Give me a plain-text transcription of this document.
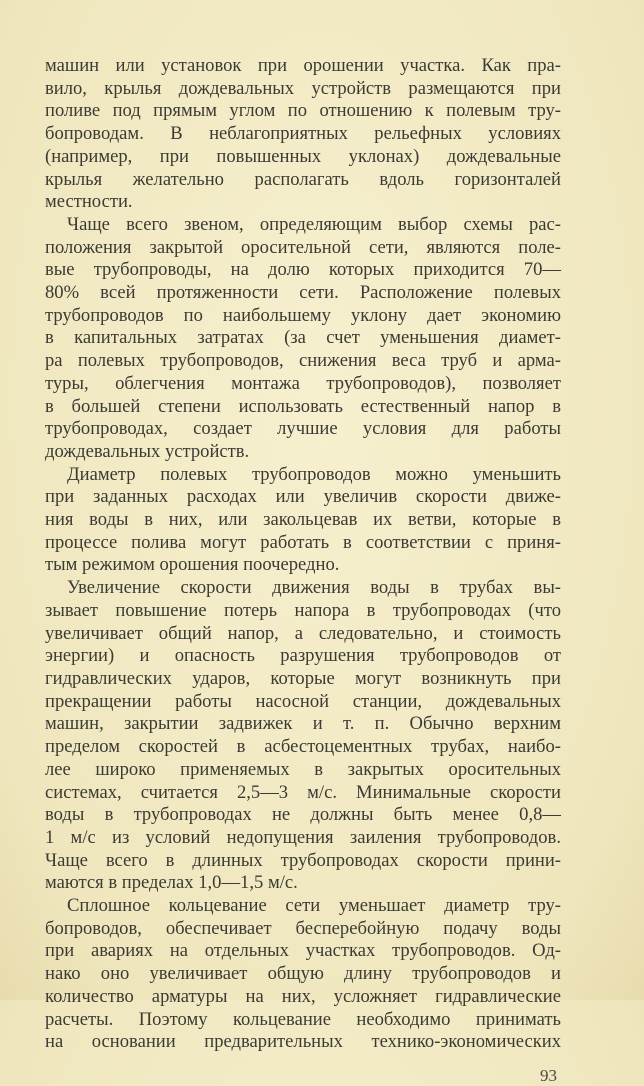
машин или установок при орошении участка. Как пра-
вило, крылья дождевальных устройств размещаются при
поливе под прямым углом по отношению к полевым тру-
бопроводам. В неблагоприятных рельефных условиях
(например, при повышенных уклонах) дождевальные
крылья желательно располагать вдоль горизонталей
местности.
Чаще всего звеном, определяющим выбор схемы рас-
положения закрытой оросительной сети, являются поле-
вые трубопроводы, на долю которых приходится 70—
80% всей протяженности сети. Расположение полевых
трубопроводов по наибольшему уклону дает экономию
в капитальных затратах (за счет уменьшения диамет-
ра полевых трубопроводов, снижения веса труб и арма-
туры, облегчения монтажа трубопроводов), позволяет
в большей степени использовать естественный напор в
трубопроводах, создает лучшие условия для работы
дождевальных устройств.
Диаметр полевых трубопроводов можно уменьшить
при заданных расходах или увеличив скорости движе-
ния воды в них, или закольцевав их ветви, которые в
процессе полива могут работать в соответствии с приня-
тым режимом орошения поочередно.
Увеличение скорости движения воды в трубах вы-
зывает повышение потерь напора в трубопроводах (что
увеличивает общий напор, а следовательно, и стоимость
энергии) и опасность разрушения трубопроводов от
гидравлических ударов, которые могут возникнуть при
прекращении работы насосной станции, дождевальных
машин, закрытии задвижек и т. п. Обычно верхним
пределом скоростей в асбестоцементных трубах, наибо-
лее широко применяемых в закрытых оросительных
системах, считается 2,5—3 м/с. Минимальные скорости
воды в трубопроводах не должны быть менее 0,8—
1 м/с из условий недопущения заиления трубопроводов.
Чаще всего в длинных трубопроводах скорости прини-
маются в пределах 1,0—1,5 м/с.
Сплошное кольцевание сети уменьшает диаметр тру-
бопроводов, обеспечивает бесперебойную подачу воды
при авариях на отдельных участках трубопроводов. Од-
нако оно увеличивает общую длину трубопроводов и
количество арматуры на них, усложняет гидравлические
расчеты. Поэтому кольцевание необходимо принимать
на основании предварительных технико-экономических
93
